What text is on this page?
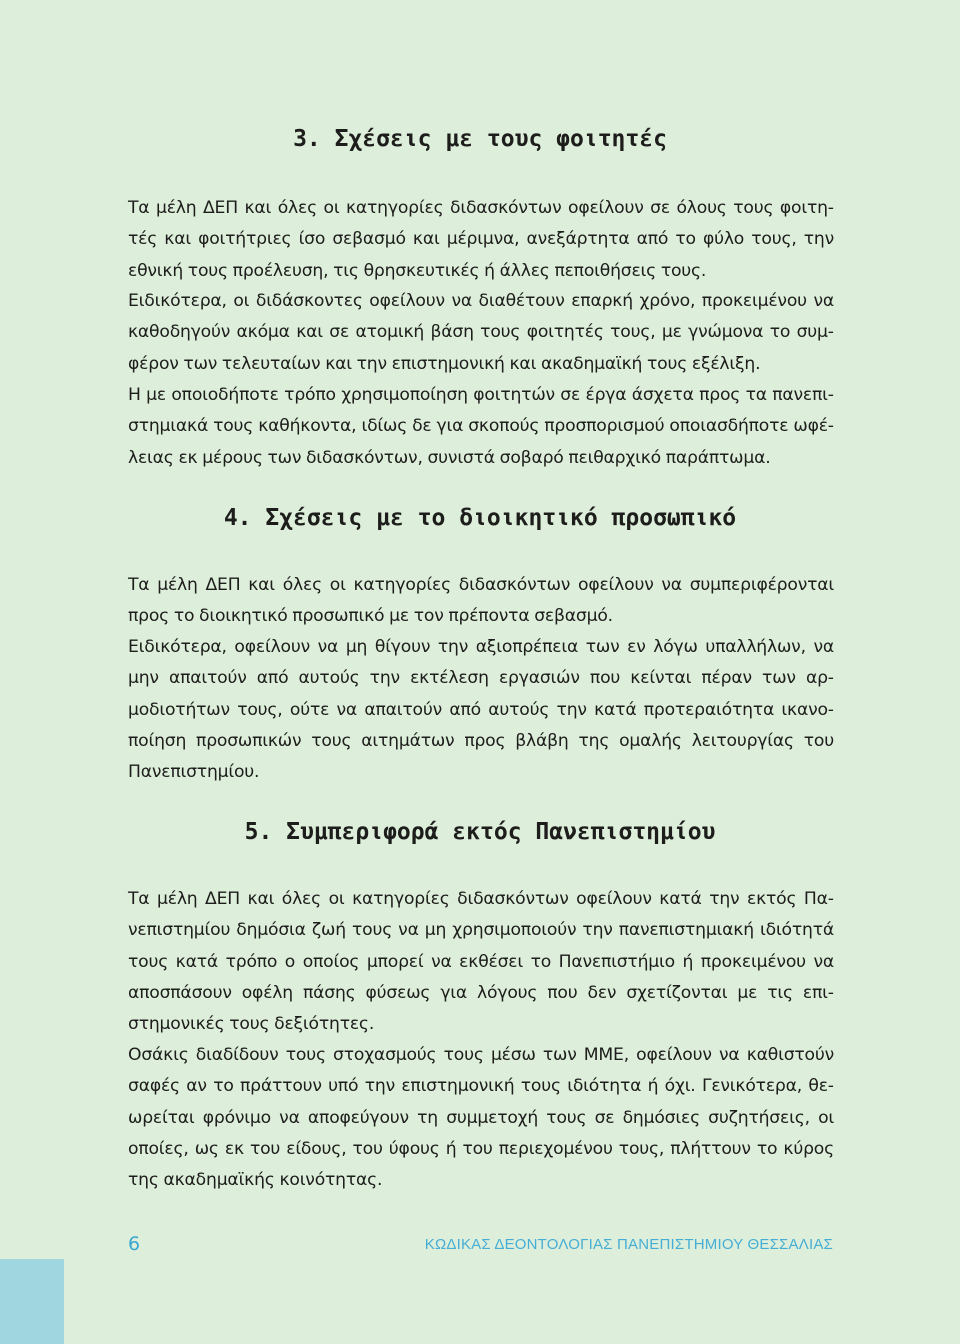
3. Σχέσεις με τους φοιτητές

Τα μέλη ΔΕΠ και όλες οι κατηγορίες διδασκόντων οφείλουν σε όλους τους φοιτητές και φοιτήτριες ίσο σεβασμό και μέριμνα, ανεξάρτητα από το φύλο τους, την εθνική τους προέλευση, τις θρησκευτικές ή άλλες πεποιθήσεις τους.

Ειδικότερα, οι διδάσκοντες οφείλουν να διαθέτουν επαρκή χρόνο, προκειμένου να καθοδηγούν ακόμα και σε ατομική βάση τους φοιτητές τους, με γνώμονα το συμφέρον των τελευταίων και την επιστημονική και ακαδημαϊκή τους εξέλιξη.

Η με οποιοδήποτε τρόπο χρησιμοποίηση φοιτητών σε έργα άσχετα προς τα πανεπιστημιακά τους καθήκοντα, ιδίως δε για σκοπούς προσπορισμού οποιασδήποτε ωφέλειας εκ μέρους των διδασκόντων, συνιστά σοβαρό πειθαρχικό παράπτωμα.

4. Σχέσεις με το διοικητικό προσωπικό

Τα μέλη ΔΕΠ και όλες οι κατηγορίες διδασκόντων οφείλουν να συμπεριφέρονται προς το διοικητικό προσωπικό με τον πρέποντα σεβασμό.

Ειδικότερα, οφείλουν να μη θίγουν την αξιοπρέπεια των εν λόγω υπαλλήλων, να μην απαιτούν από αυτούς την εκτέλεση εργασιών που κείνται πέραν των αρμοδιοτήτων τους, ούτε να απαιτούν από αυτούς την κατά προτεραιότητα ικανοποίηση προσωπικών τους αιτημάτων προς βλάβη της ομαλής λειτουργίας του Πανεπιστημίου.

5. Συμπεριφορά εκτός Πανεπιστημίου

Τα μέλη ΔΕΠ και όλες οι κατηγορίες διδασκόντων οφείλουν κατά την εκτός Πανεπιστημίου δημόσια ζωή τους να μη χρησιμοποιούν την πανεπιστημιακή ιδιότητά τους κατά τρόπο ο οποίος μπορεί να εκθέσει το Πανεπιστήμιο ή προκειμένου να αποσπάσουν οφέλη πάσης φύσεως για λόγους που δεν σχετίζονται με τις επιστημονικές τους δεξιότητες.

Οσάκις διαδίδουν τους στοχασμούς τους μέσω των ΜΜΕ, οφείλουν να καθιστούν σαφές αν το πράττουν υπό την επιστημονική τους ιδιότητα ή όχι. Γενικότερα, θεωρείται φρόνιμο να αποφεύγουν τη συμμετοχή τους σε δημόσιες συζητήσεις, οι οποίες, ως εκ του είδους, του ύφους ή του περιεχομένου τους, πλήττουν το κύρος της ακαδημαϊκής κοινότητας.

6	ΚΩΔΙΚΑΣ ΔΕΟΝΤΟΛΟΓΙΑΣ ΠΑΝΕΠΙΣΤΗΜΙΟΥ ΘΕΣΣΑΛΙΑΣ
